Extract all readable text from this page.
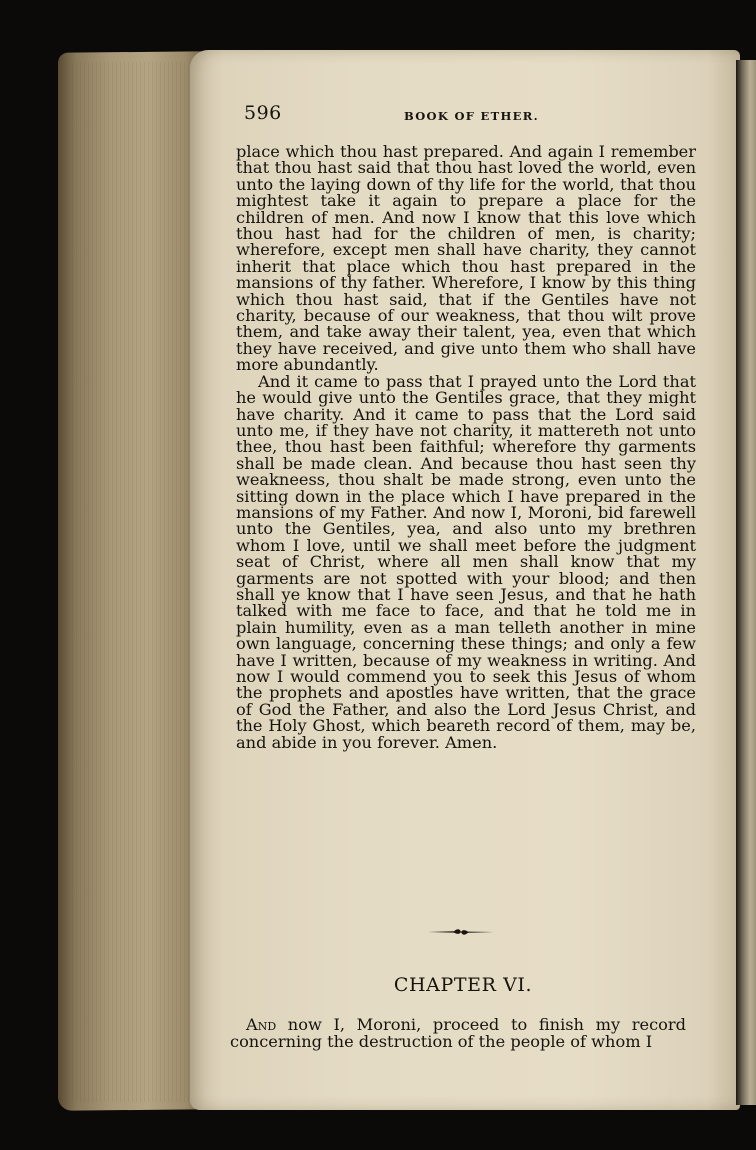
596	BOOK OF ETHER.

place which thou hast prepared. And again I remember that thou hast said that thou hast loved the world, even unto the laying down of thy life for the world, that thou mightest take it again to prepare a place for the children of men. And now I know that this love which thou hast had for the children of men, is charity; wherefore, except men shall have charity, they cannot inherit that place which thou hast prepared in the mansions of thy father. Wherefore, I know by this thing which thou hast said, that if the Gentiles have not charity, because of our weakness, that thou wilt prove them, and take away their talent, yea, even that which they have received, and give unto them who shall have more abundantly.

And it came to pass that I prayed unto the Lord that he would give unto the Gentiles grace, that they might have charity. And it came to pass that the Lord said unto me, if they have not charity, it mattereth not unto thee, thou hast been faithful; wherefore thy garments shall be made clean. And because thou hast seen thy weakneess, thou shalt be made strong, even unto the sitting down in the place which I have prepared in the mansions of my Father. And now I, Moroni, bid farewell unto the Gentiles, yea, and also unto my brethren whom I love, until we shall meet before the judgment seat of Christ, where all men shall know that my garments are not spotted with your blood; and then shall ye know that I have seen Jesus, and that he hath talked with me face to face, and that he told me in plain humility, even as a man telleth another in mine own language, concerning these things; and only a few have I written, because of my weakness in writing. And now I would commend you to seek this Jesus of whom the prophets and apostles have written, that the grace of God the Father, and also the Lord Jesus Christ, and the Holy Ghost, which beareth record of them, may be, and abide in you forever. Amen.

CHAPTER VI.
And now I, Moroni, proceed to finish my record concerning the destruction of the people of whom I
